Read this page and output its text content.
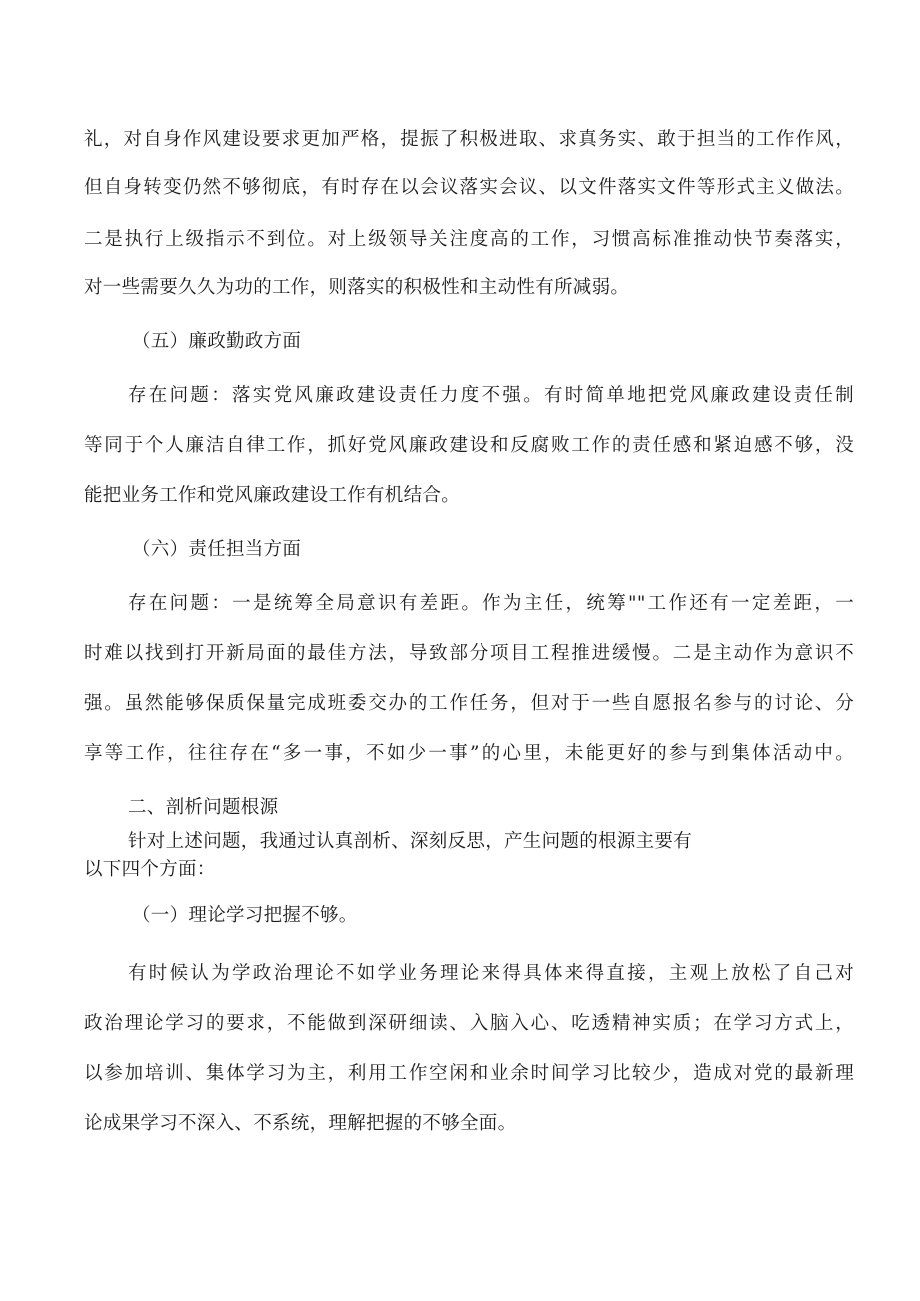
礼，对自身作风建设要求更加严格，提振了积极进取、求真务实、敢于担当的工作作风，

但自身转变仍然不够彻底，有时存在以会议落实会议、以文件落实文件等形式主义做法。

二是执行上级指示不到位。对上级领导关注度高的工作，习惯高标准推动快节奏落实，

对一些需要久久为功的工作，则落实的积极性和主动性有所减弱。

（五）廉政勤政方面

存在问题：落实党风廉政建设责任力度不强。有时简单地把党风廉政建设责任制

等同于个人廉洁自律工作，抓好党风廉政建设和反腐败工作的责任感和紧迫感不够，没

能把业务工作和党风廉政建设工作有机结合。

（六）责任担当方面

存在问题：一是统筹全局意识有差距。作为主任，统筹""工作还有一定差距，一

时难以找到打开新局面的最佳方法，导致部分项目工程推进缓慢。二是主动作为意识不

强。虽然能够保质保量完成班委交办的工作任务，但对于一些自愿报名参与的讨论、分

享等工作，往往存在“多一事，不如少一事”的心里，未能更好的参与到集体活动中。

二、剖析问题根源

针对上述问题，我通过认真剖析、深刻反思，产生问题的根源主要有

以下四个方面：

（一）理论学习把握不够。

有时候认为学政治理论不如学业务理论来得具体来得直接，主观上放松了自己对

政治理论学习的要求，不能做到深研细读、入脑入心、吃透精神实质；在学习方式上，

以参加培训、集体学习为主，利用工作空闲和业余时间学习比较少，造成对党的最新理

论成果学习不深入、不系统，理解把握的不够全面。
